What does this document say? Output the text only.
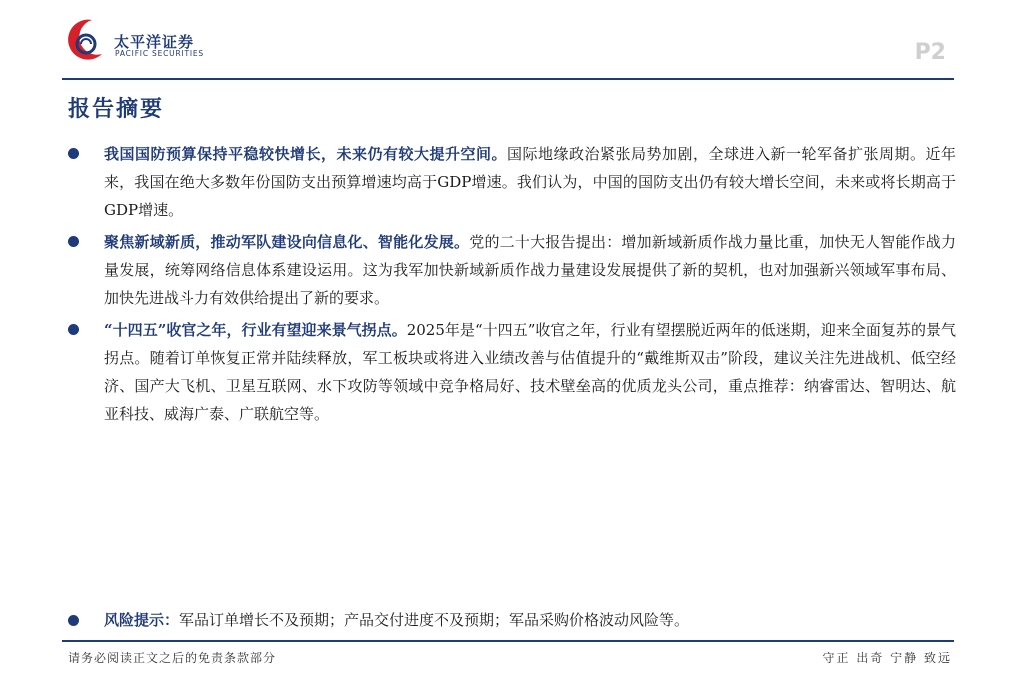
太平洋证券
PACIFIC SECURITIES	P2
报告摘要
我国国防预算保持平稳较快增长，未来仍有较大提升空间。国际地缘政治紧张局势加剧，全球进入新一轮军备扩张周期。近年来，我国在绝大多数年份国防支出预算增速均高于GDP增速。我们认为，中国的国防支出仍有较大增长空间，未来或将长期高于GDP增速。
聚焦新域新质，推动军队建设向信息化、智能化发展。党的二十大报告提出：增加新域新质作战力量比重，加快无人智能作战力量发展，统筹网络信息体系建设运用。这为我军加快新域新质作战力量建设发展提供了新的契机，也对加强新兴领域军事布局、加快先进战斗力有效供给提出了新的要求。
“十四五”收官之年，行业有望迎来景气拐点。2025年是“十四五”收官之年，行业有望摆脱近两年的低迷期，迎来全面复苏的景气拐点。随着订单恢复正常并陆续释放，军工板块或将进入业绩改善与估值提升的“戴维斯双击”阶段，建议关注先进战机、低空经济、国产大飞机、卫星互联网、水下攻防等领域中竞争格局好、技术壁垒高的优质龙头公司，重点推荐：纳睿雷达、智明达、航亚科技、威海广泰、广联航空等。
风险提示：军品订单增长不及预期；产品交付进度不及预期；军品采购价格波动风险等。
请务必阅读正文之后的免责条款部分	守正 出奇 宁静 致远
